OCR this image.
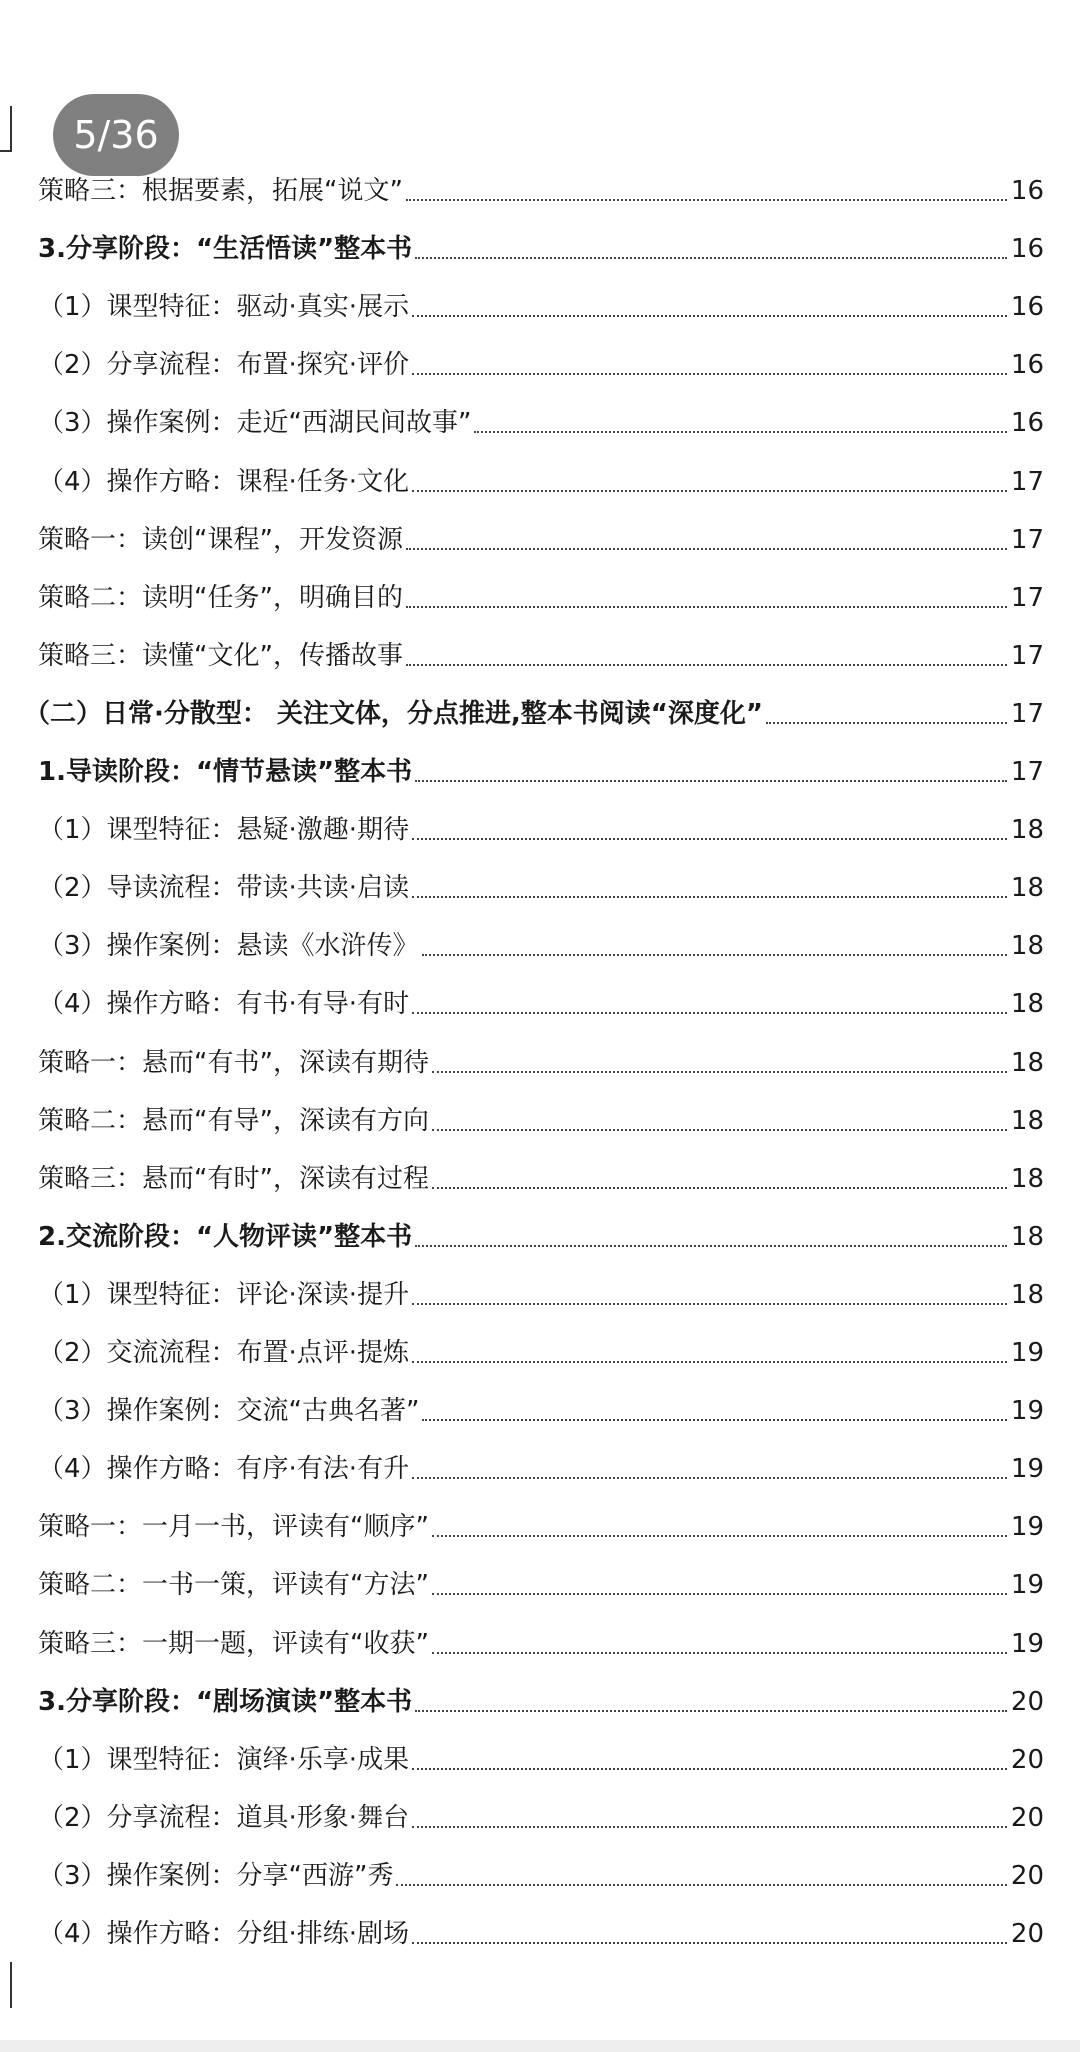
5/36
策略三：根据要素，拓展“说文”	16
3.分享阶段：“生活悟读”整本书	16
（1）课型特征：驱动·真实·展示	16
（2）分享流程：布置·探究·评价	16
（3）操作案例：走近“西湖民间故事”	16
（4）操作方略：课程·任务·文化	17
策略一：读创“课程”，开发资源	17
策略二：读明“任务”，明确目的	17
策略三：读懂“文化”，传播故事	17
（二）日常·分散型： 关注文体，分点推进,整本书阅读“深度化”	17
1.导读阶段：“情节悬读”整本书	17
（1）课型特征：悬疑·激趣·期待	18
（2）导读流程：带读·共读·启读	18
（3）操作案例：悬读《水浒传》	18
（4）操作方略：有书·有导·有时	18
策略一：悬而“有书”，深读有期待	18
策略二：悬而“有导”，深读有方向	18
策略三：悬而“有时”，深读有过程	18
2.交流阶段：“人物评读”整本书	18
（1）课型特征：评论·深读·提升	18
（2）交流流程：布置·点评·提炼	19
（3）操作案例：交流“古典名著”	19
（4）操作方略：有序·有法·有升	19
策略一：一月一书，评读有“顺序”	19
策略二：一书一策，评读有“方法”	19
策略三：一期一题，评读有“收获”	19
3.分享阶段：“剧场演读”整本书	20
（1）课型特征：演绎·乐享·成果	20
（2）分享流程：道具·形象·舞台	20
（3）操作案例：分享“西游”秀	20
（4）操作方略：分组·排练·剧场	20
